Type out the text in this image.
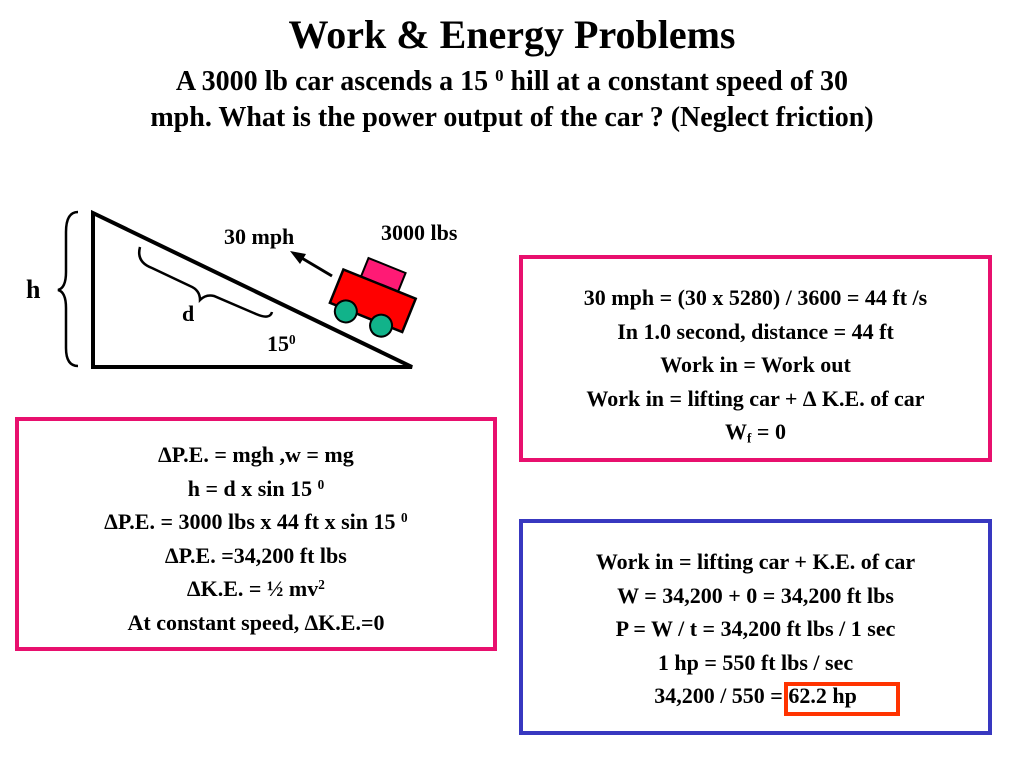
Work & Energy Problems
A 3000 lb car ascends a 15 $^0$ hill at a constant speed of 30
mph. What is the power output of the car ? (Neglect friction)
h
d
30 mph	3000 lbs
$15^0$
30 mph = (30 x 5280) / 3600 = 44 ft /s
In 1.0 second, distance = 44 ft
Work in = Work out
Work in = lifting car + ∆ K.E. of car
$W_f = 0$
∆P.E. = mgh ,w = mg
h = d x sin 15 $^0$
∆P.E. = 3000 lbs x 44 ft x sin 15 $^0$
∆P.E. =34,200 ft lbs
∆K.E. = ½ $mv^2$
At constant speed, ∆K.E.=0
Work in = lifting car + K.E. of car
W = 34,200 + 0 = 34,200 ft lbs
P = W / t = 34,200 ft lbs / 1 sec
1 hp = 550 ft lbs / sec
34,200 / 550 = 62.2 hp
